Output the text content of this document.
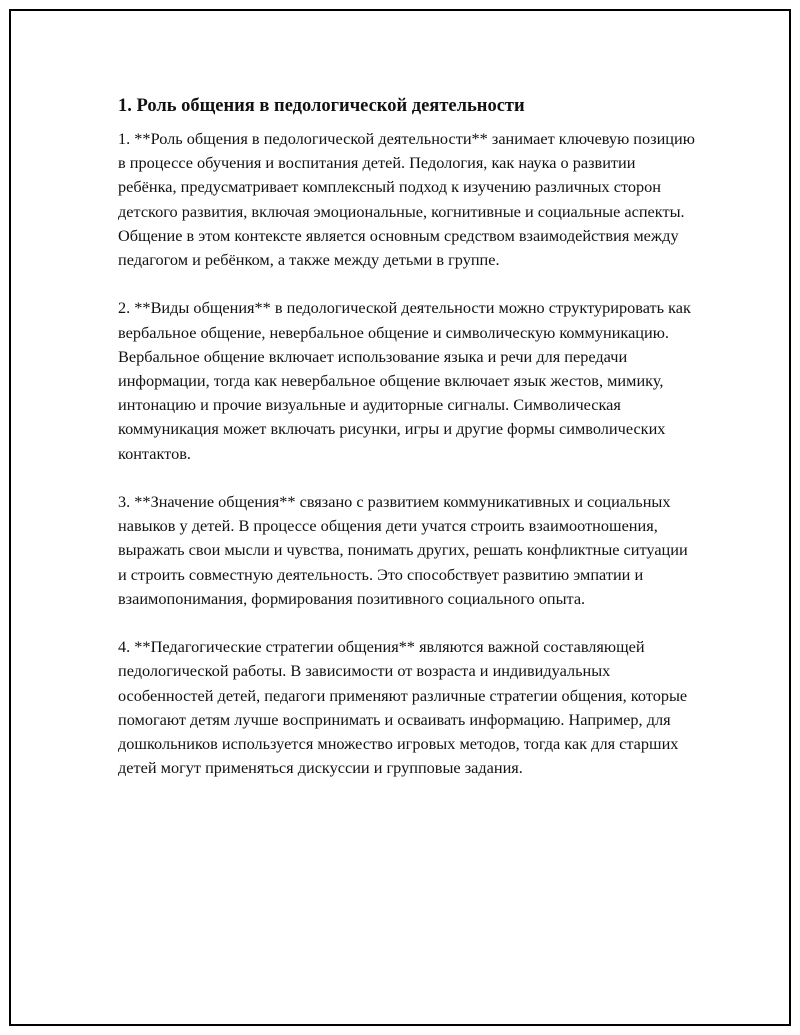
1. Роль общения в педологической деятельности

1. **Роль общения в педологической деятельности** занимает ключевую позицию в процессе обучения и воспитания детей. Педология, как наука о развитии ребёнка, предусматривает комплексный подход к изучению различных сторон детского развития, включая эмоциональные, когнитивные и социальные аспекты. Общение в этом контексте является основным средством взаимодействия между педагогом и ребёнком, а также между детьми в группе.

2. **Виды общения** в педологической деятельности можно структурировать как вербальное общение, невербальное общение и символическую коммуникацию. Вербальное общение включает использование языка и речи для передачи информации, тогда как невербальное общение включает язык жестов, мимику, интонацию и прочие визуальные и аудиторные сигналы. Символическая коммуникация может включать рисунки, игры и другие формы символических контактов.

3. **Значение общения** связано с развитием коммуникативных и социальных навыков у детей. В процессе общения дети учатся строить взаимоотношения, выражать свои мысли и чувства, понимать других, решать конфликтные ситуации и строить совместную деятельность. Это способствует развитию эмпатии и взаимопонимания, формирования позитивного социального опыта.

4. **Педагогические стратегии общения** являются важной составляющей педологической работы. В зависимости от возраста и индивидуальных особенностей детей, педагоги применяют различные стратегии общения, которые помогают детям лучше воспринимать и осваивать информацию. Например, для дошкольников используется множество игровых методов, тогда как для старших детей могут применяться дискуссии и групповые задания.
